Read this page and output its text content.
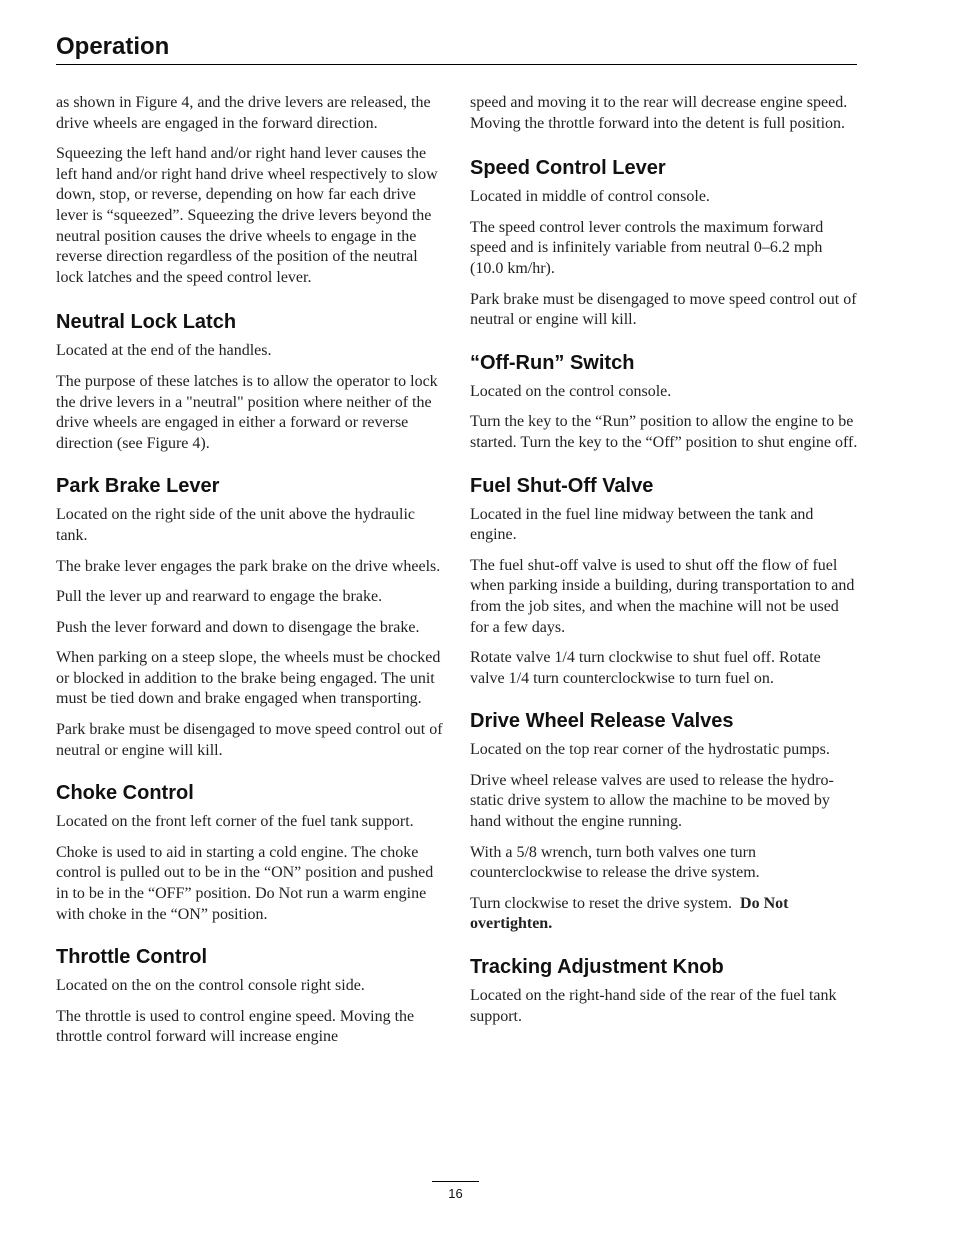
Operation

as shown in Figure 4, and the drive levers are released, the drive wheels are engaged in the forward direction.

Squeezing the left hand and/or right hand lever causes the left hand and/or right hand drive wheel respectively to slow down, stop, or reverse, depending on how far each drive lever is “squeezed”. Squeezing the drive levers beyond the neutral position causes the drive wheels to engage in the reverse direction regardless of the position of the neutral lock latches and the speed control lever.

Neutral Lock Latch

Located at the end of the handles.

The purpose of these latches is to allow the operator to lock the drive levers in a "neutral" position where neither of the drive wheels are engaged in either a forward or reverse direction (see Figure 4).

Park Brake Lever

Located on the right side of the unit above the hydraulic tank.

The brake lever engages the park brake on the drive wheels.

Pull the lever up and rearward to engage the brake.

Push the lever forward and down to disengage the brake.

When parking on a steep slope, the wheels must be chocked or blocked in addition to the brake being engaged. The unit must be tied down and brake engaged when transporting.

Park brake must be disengaged to move speed control out of neutral or engine will kill.

Choke Control

Located on the front left corner of the fuel tank support.

Choke is used to aid in starting a cold engine. The choke control is pulled out to be in the “ON” position and pushed in to be in the “OFF” position. Do Not run a warm engine with choke in the “ON” position.

Throttle Control

Located on the on the control console right side.

The throttle is used to control engine speed. Moving the throttle control forward will increase engine

speed and moving it to the rear will decrease engine speed. Moving the throttle forward into the detent is full position.

Speed Control Lever

Located in middle of control console.

The speed control lever controls the maximum forward speed and is infinitely variable from neutral 0–6.2 mph (10.0 km/hr).

Park brake must be disengaged to move speed control out of neutral or engine will kill.

“Off-Run” Switch

Located on the control console.

Turn the key to the “Run” position to allow the engine to be started. Turn the key to the “Off” position to shut engine off.

Fuel Shut-Off Valve

Located in the fuel line midway between the tank and engine.

The fuel shut-off valve is used to shut off the flow of fuel when parking inside a building, during transportation to and from the job sites, and when the machine will not be used for a few days.

Rotate valve 1/4 turn clockwise to shut fuel off. Rotate valve 1/4 turn counterclockwise to turn fuel on.

Drive Wheel Release Valves

Located on the top rear corner of the hydrostatic pumps.

Drive wheel release valves are used to release the hydro-static drive system to allow the machine to be moved by hand without the engine running.

With a 5/8 wrench, turn both valves one turn counterclockwise to release the drive system.

Turn clockwise to reset the drive system. Do Not overtighten.

Tracking Adjustment Knob

Located on the right-hand side of the rear of the fuel tank support.

16
